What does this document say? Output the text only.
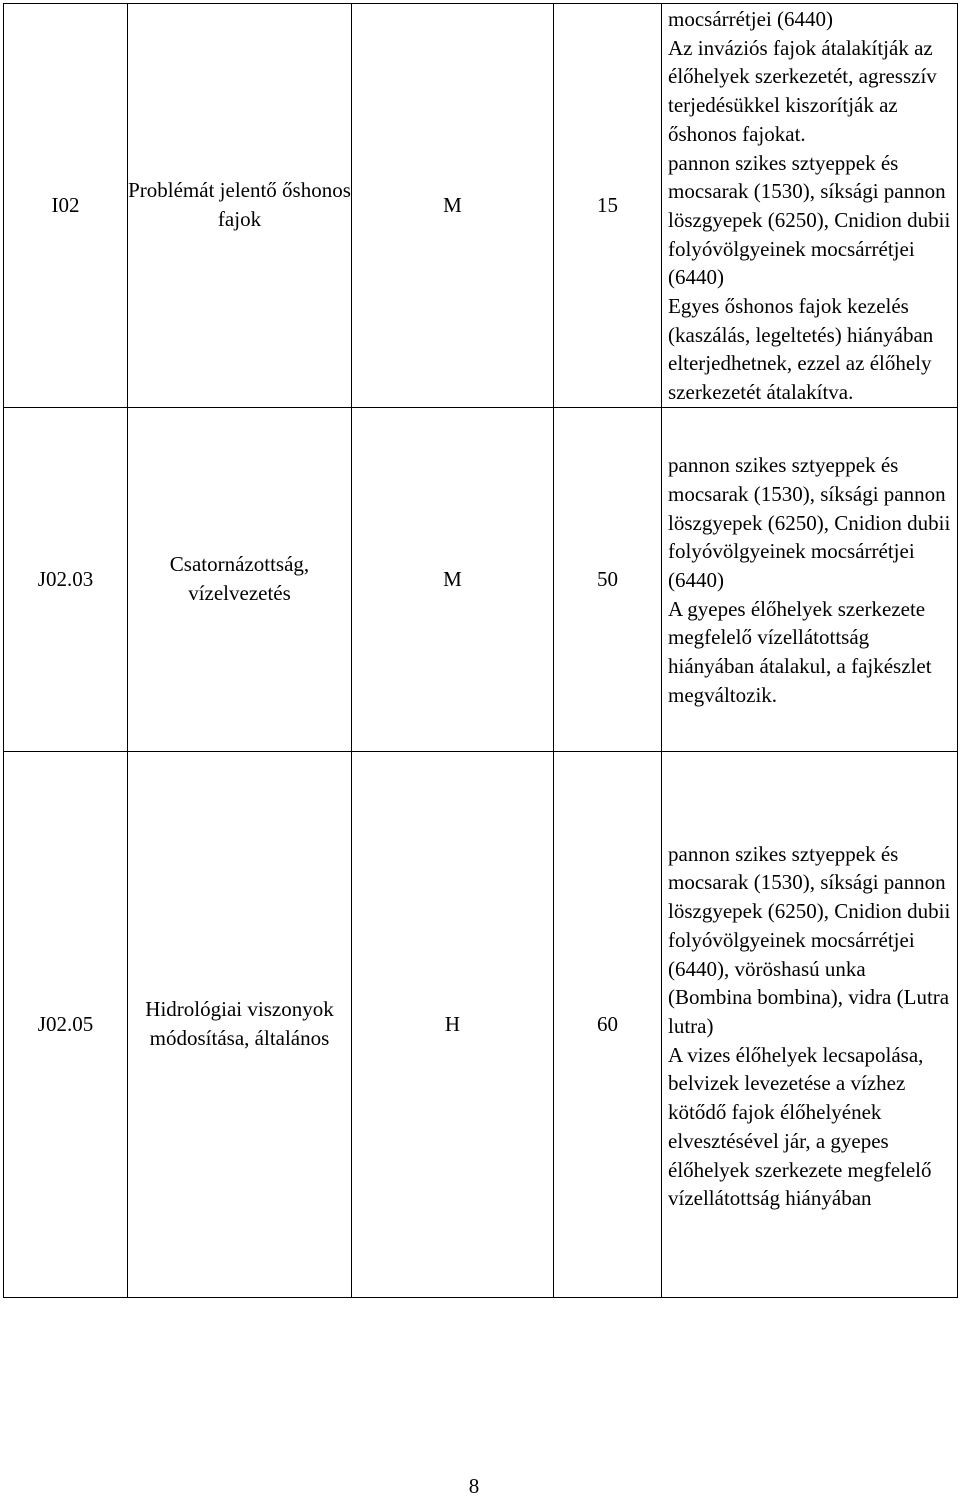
I02	Problémát jelentő őshonos fajok	M	15	mocsárrétjei (6440)
Az inváziós fajok átalakítják az élőhelyek szerkezetét, agresszív terjedésükkel kiszorítják az őshonos fajokat.
pannon szikes sztyeppek és mocsarak (1530), síksági pannon löszgyepek (6250), Cnidion dubii folyóvölgyeinek mocsárrétjei (6440)
Egyes őshonos fajok kezelés (kaszálás, legeltetés) hiányában elterjedhetnek, ezzel az élőhely szerkezetét átalakítva.

J02.03	Csatornázottság, vízelvezetés	M	50	pannon szikes sztyeppek és mocsarak (1530), síksági pannon löszgyepek (6250), Cnidion dubii folyóvölgyeinek mocsárrétjei (6440)
A gyepes élőhelyek szerkezete megfelelő vízellátottság hiányában átalakul, a fajkészlet megváltozik.

J02.05	Hidrológiai viszonyok módosítása, általános	H	60	pannon szikes sztyeppek és mocsarak (1530), síksági pannon löszgyepek (6250), Cnidion dubii folyóvölgyeinek mocsárrétjei (6440), vöröshasú unka (Bombina bombina), vidra (Lutra lutra)
A vizes élőhelyek lecsapolása, belvizek levezetése a vízhez kötődő fajok élőhelyének elvesztésével jár, a gyepes élőhelyek szerkezete megfelelő vízellátottság hiányában
8
